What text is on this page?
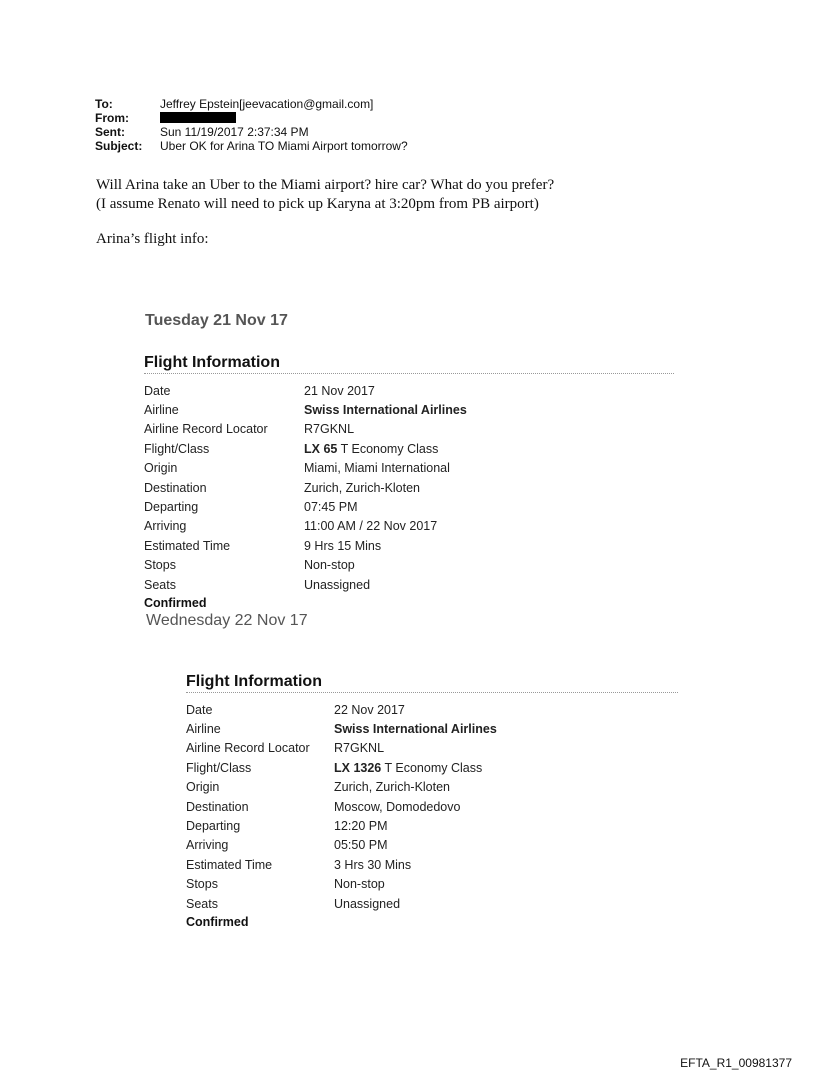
To:	Jeffrey Epstein[jeevacation@gmail.com]
From:
Sent:	Sun 11/19/2017 2:37:34 PM
Subject:	Uber OK for Arina TO Miami Airport tomorrow?

Will Arina take an Uber to the Miami airport? hire car? What do you prefer?

(I assume Renato will need to pick up Karyna at 3:20pm from PB airport)

Arina’s flight info:
Tuesday 21 Nov 17
Flight Information
Date	21 Nov 2017
Airline	Swiss International Airlines
Airline Record Locator	R7GKNL
Flight/Class	LX 65 T Economy Class
Origin	Miami, Miami International
Destination	Zurich, Zurich-Kloten
Departing	07:45 PM
Arriving	11:00 AM / 22 Nov 2017
Estimated Time	9 Hrs 15 Mins
Stops	Non-stop
Seats	Unassigned
Confirmed
Wednesday 22 Nov 17
Flight Information
Date	22 Nov 2017
Airline	Swiss International Airlines
Airline Record Locator	R7GKNL
Flight/Class	LX 1326 T Economy Class
Origin	Zurich, Zurich-Kloten
Destination	Moscow, Domodedovo
Departing	12:20 PM
Arriving	05:50 PM
Estimated Time	3 Hrs 30 Mins
Stops	Non-stop
Seats	Unassigned
Confirmed
EFTA_R1_00981377
